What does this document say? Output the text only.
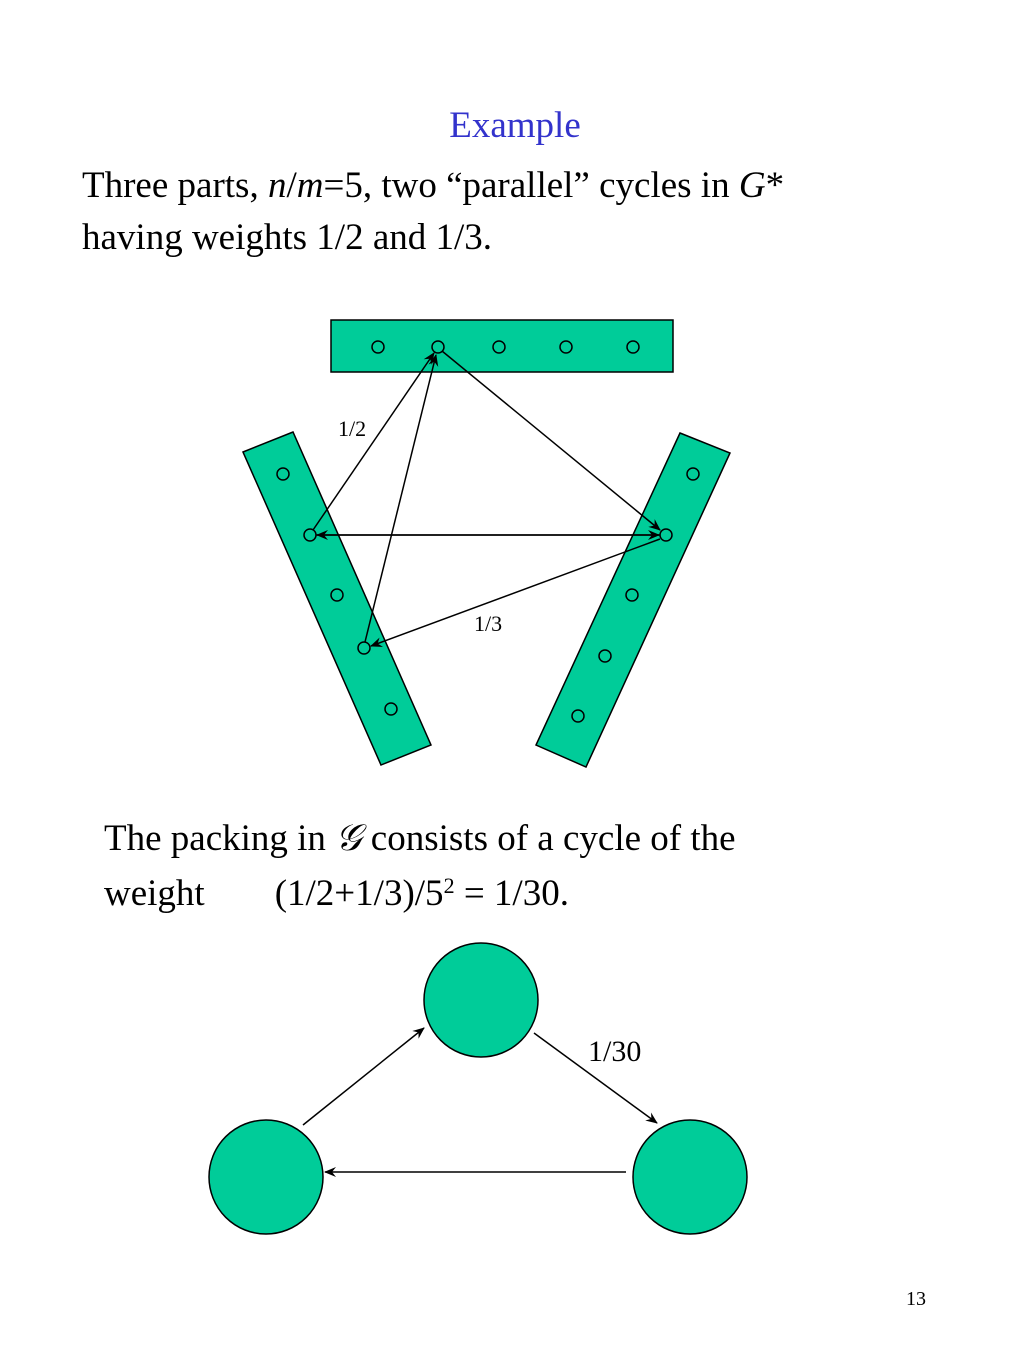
Example
Three parts, n/m=5, two “parallel” cycles in G*
having weights 1/2 and 1/3.
1/2
1/3
1/30
The packing in 𝒢 consists of a cycle of the
weight $(1/2+1/3)/5^2 = 1/30$.
13
